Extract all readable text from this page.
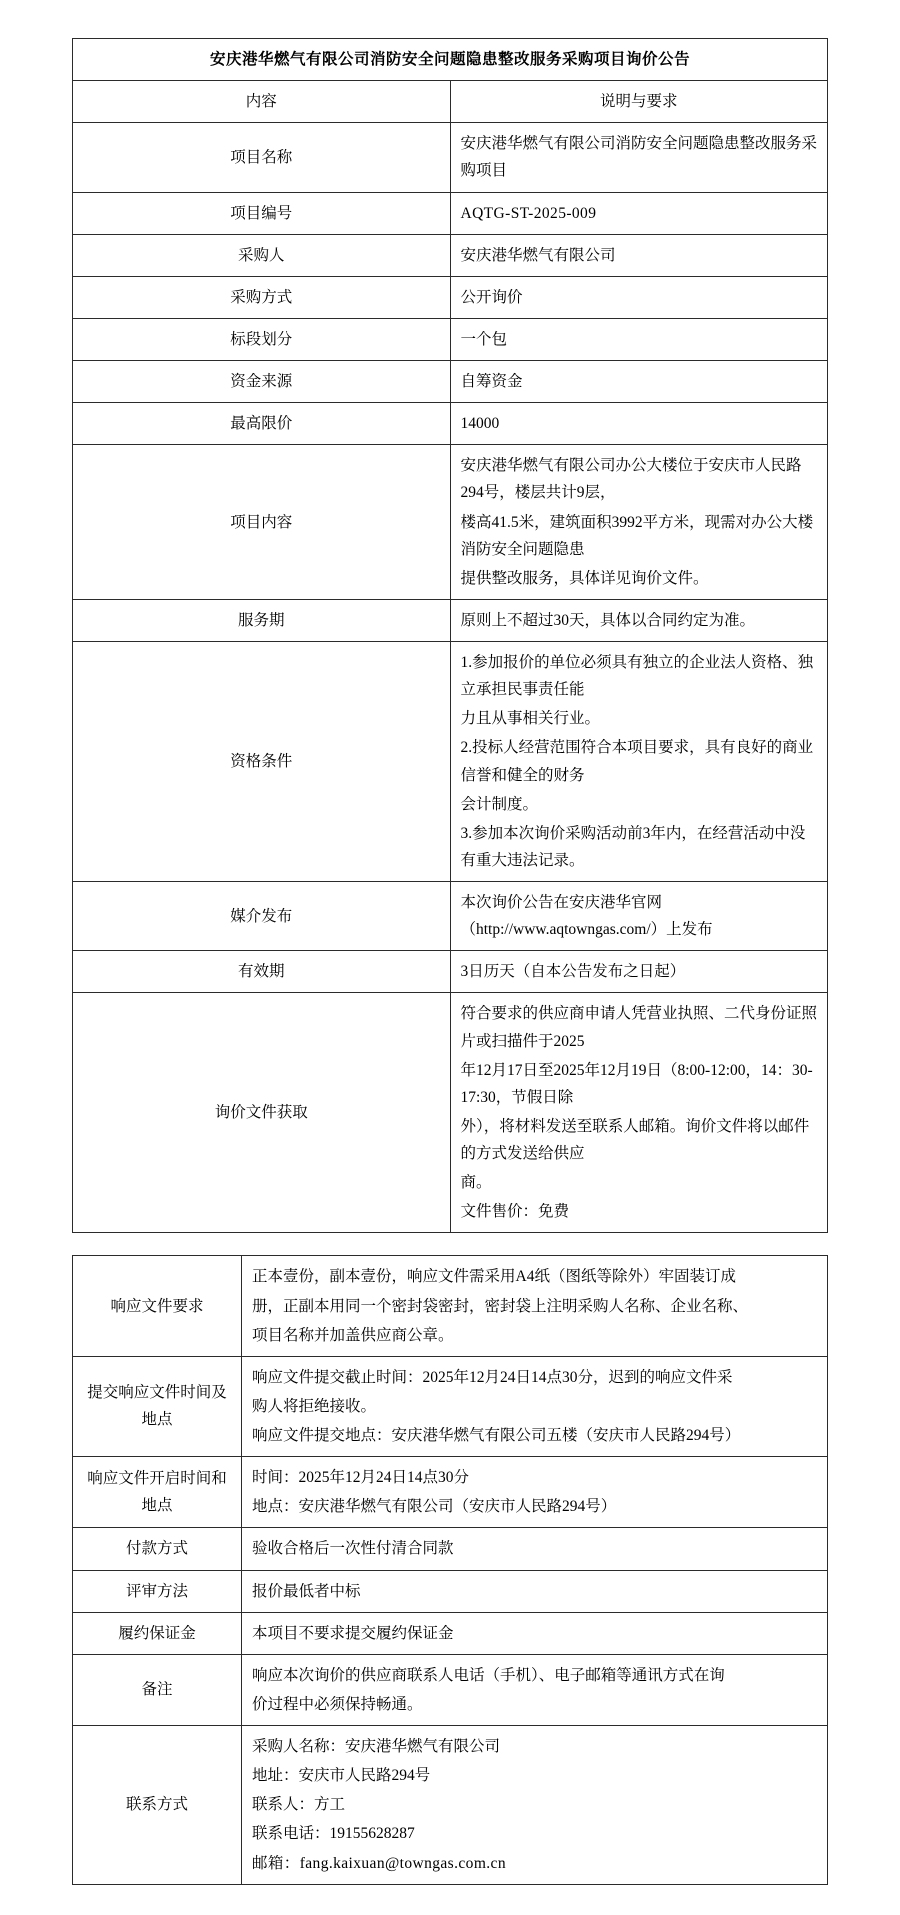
安庆港华燃气有限公司消防安全问题隐患整改服务采购项目询价公告	
内容	说明与要求
项目名称	安庆港华燃气有限公司消防安全问题隐患整改服务采购项目

项目编号	AQTG-ST-2025-009

采购人	安庆港华燃气有限公司

采购方式	公开询价

标段划分	一个包

资金来源	自筹资金

最高限价	14000

项目内容	安庆港华燃气有限公司办公大楼位于安庆市人民路294号，楼层共计9层，

楼高41.5米，建筑面积3992平方米，现需对办公大楼消防安全问题隐患

提供整改服务，具体详见询价文件。

服务期	原则上不超过30天，具体以合同约定为准。

资格条件	1.参加报价的单位必须具有独立的企业法人资格、独立承担民事责任能

力且从事相关行业。

2.投标人经营范围符合本项目要求，具有良好的商业信誉和健全的财务

会计制度。

3.参加本次询价采购活动前3年内，在经营活动中没有重大违法记录。

媒介发布	本次询价公告在安庆港华官网（http://www.aqtowngas.com/）上发布

有效期	3日历天（自本公告发布之日起）

询价文件获取	符合要求的供应商申请人凭营业执照、二代身份证照片或扫描件于2025

年12月17日至2025年12月19日（8:00-12:00，14：30-17:30，节假日除

外），将材料发送至联系人邮箱。询价文件将以邮件的方式发送给供应

商。

文件售价：免费

响应文件要求	正本壹份，副本壹份，响应文件需采用A4纸（图纸等除外）牢固装订成

册，正副本用同一个密封袋密封，密封袋上注明采购人名称、企业名称、

项目名称并加盖供应商公章。

提交响应文件时间及地点	响应文件提交截止时间：2025年12月24日14点30分，迟到的响应文件采

购人将拒绝接收。

响应文件提交地点：安庆港华燃气有限公司五楼（安庆市人民路294号）

响应文件开启时间和地点	时间：2025年12月24日14点30分

地点：安庆港华燃气有限公司（安庆市人民路294号）

付款方式	验收合格后一次性付清合同款

评审方法	报价最低者中标

履约保证金	本项目不要求提交履约保证金

备注	响应本次询价的供应商联系人电话（手机）、电子邮箱等通讯方式在询

价过程中必须保持畅通。

联系方式	采购人名称：安庆港华燃气有限公司

地址：安庆市人民路294号

联系人：方工

联系电话：19155628287

邮箱：fang.kaixuan@towngas.com.cn
